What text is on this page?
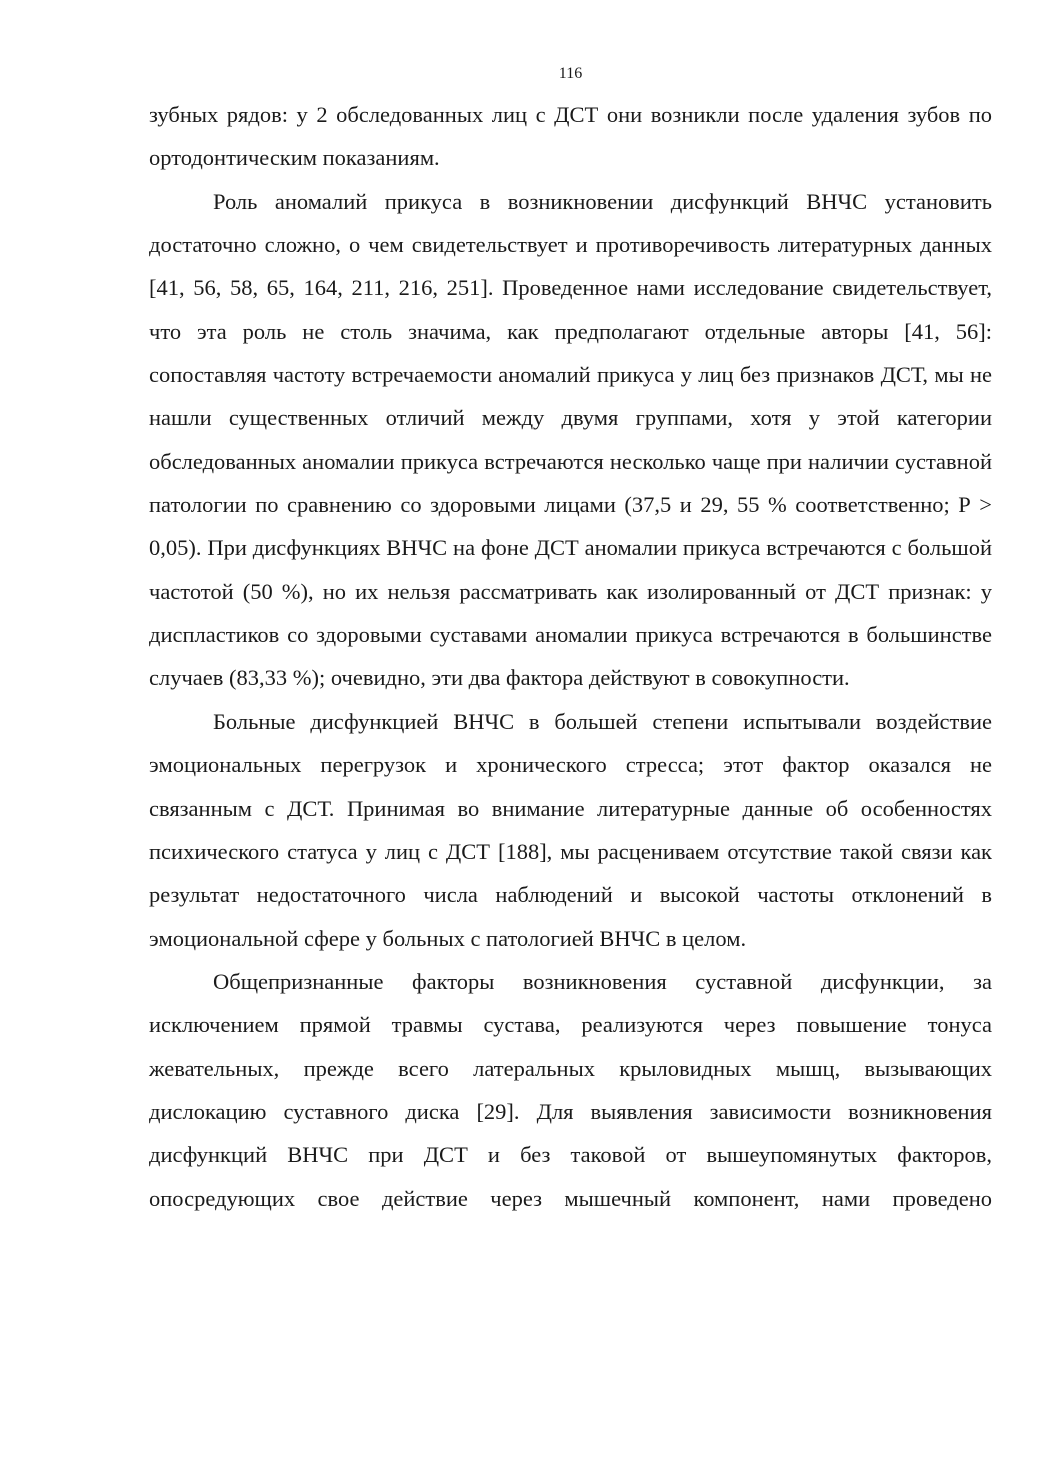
116

зубных рядов: у 2 обследованных лиц с ДСТ они возникли после удаления зубов по ортодонтическим показаниям.

Роль аномалий прикуса в возникновении дисфункций ВНЧС установить достаточно сложно, о чем свидетельствует и противоречивость литературных данных [41, 56, 58, 65, 164, 211, 216, 251]. Проведенное нами исследование свидетельствует, что эта роль не столь значима, как предполагают отдельные авторы [41, 56]: сопоставляя частоту встречаемости аномалий прикуса у лиц без признаков ДСТ, мы не нашли существенных отличий между двумя группами, хотя у этой категории обследованных аномалии прикуса встречаются несколько чаще при наличии суставной патологии по сравнению со здоровыми лицами (37,5 и 29, 55 % соответственно; Р > 0,05). При дисфункциях ВНЧС на фоне ДСТ аномалии прикуса встречаются с большой частотой (50 %), но их нельзя рассматривать как изолированный от ДСТ признак: у диспластиков со здоровыми суставами аномалии прикуса встречаются в большинстве случаев (83,33 %); очевидно, эти два фактора действуют в совокупности.

Больные дисфункцией ВНЧС в большей степени испытывали воздействие эмоциональных перегрузок и хронического стресса; этот фактор оказался не связанным с ДСТ. Принимая во внимание литературные данные об особенностях психического статуса у лиц с ДСТ [188], мы расцениваем отсутствие такой связи как результат недостаточного числа наблюдений и высокой частоты отклонений в эмоциональной сфере у больных с патологией ВНЧС в целом.

Общепризнанные факторы возникновения суставной дисфункции, за исключением прямой травмы сустава, реализуются через повышение тонуса жевательных, прежде всего латеральных крыловидных мышц, вызывающих дислокацию суставного диска [29]. Для выявления зависимости возникновения дисфункций ВНЧС при ДСТ и без таковой от вышеупомянутых факторов, опосредующих свое действие через мышечный компонент, нами проведено
